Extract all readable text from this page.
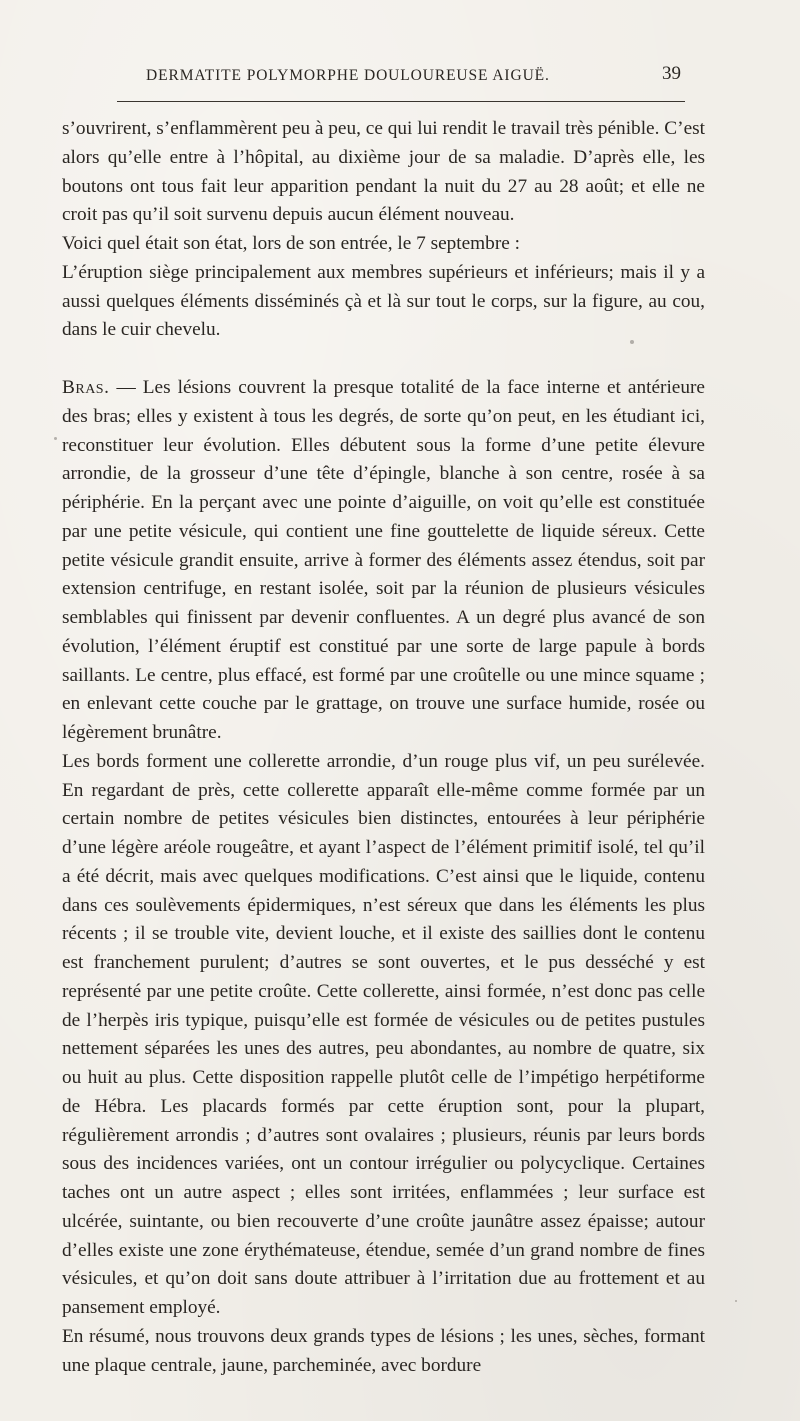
DERMATITE POLYMORPHE DOULOUREUSE AIGUË.	39

s’ouvrirent, s’enflammèrent peu à peu, ce qui lui rendit le travail très pénible. C’est alors qu’elle entre à l’hôpital, au dixième jour de sa maladie. D’après elle, les boutons ont tous fait leur apparition pendant la nuit du 27 au 28 août; et elle ne croit pas qu’il soit survenu depuis aucun élément nouveau.

Voici quel était son état, lors de son entrée, le 7 septembre :

L’éruption siège principalement aux membres supérieurs et inférieurs; mais il y a aussi quelques éléments disséminés çà et là sur tout le corps, sur la figure, au cou, dans le cuir chevelu.

Bras. — Les lésions couvrent la presque totalité de la face interne et antérieure des bras; elles y existent à tous les degrés, de sorte qu’on peut, en les étudiant ici, reconstituer leur évolution. Elles débutent sous la forme d’une petite élevure arrondie, de la grosseur d’une tête d’épingle, blanche à son centre, rosée à sa périphérie. En la perçant avec une pointe d’aiguille, on voit qu’elle est constituée par une petite vésicule, qui contient une fine gouttelette de liquide séreux. Cette petite vésicule grandit ensuite, arrive à former des éléments assez étendus, soit par extension centrifuge, en restant isolée, soit par la réunion de plusieurs vésicules semblables qui finissent par devenir confluentes. A un degré plus avancé de son évolution, l’élément éruptif est constitué par une sorte de large papule à bords saillants. Le centre, plus effacé, est formé par une croûtelle ou une mince squame ; en enlevant cette couche par le grattage, on trouve une surface humide, rosée ou légèrement brunâtre.

Les bords forment une collerette arrondie, d’un rouge plus vif, un peu surélevée. En regardant de près, cette collerette apparaît elle-même comme formée par un certain nombre de petites vésicules bien distinctes, entourées à leur périphérie d’une légère aréole rougeâtre, et ayant l’aspect de l’élément primitif isolé, tel qu’il a été décrit, mais avec quelques modifications. C’est ainsi que le liquide, contenu dans ces soulèvements épidermiques, n’est séreux que dans les éléments les plus récents ; il se trouble vite, devient louche, et il existe des saillies dont le contenu est franchement purulent; d’autres se sont ouvertes, et le pus desséché y est représenté par une petite croûte. Cette collerette, ainsi formée, n’est donc pas celle de l’herpès iris typique, puisqu’elle est formée de vésicules ou de petites pustules nettement séparées les unes des autres, peu abondantes, au nombre de quatre, six ou huit au plus. Cette disposition rappelle plutôt celle de l’impétigo herpétiforme de Hébra. Les placards formés par cette éruption sont, pour la plupart, régulièrement arrondis ; d’autres sont ovalaires ; plusieurs, réunis par leurs bords sous des incidences variées, ont un contour irrégulier ou polycyclique. Certaines taches ont un autre aspect ; elles sont irritées, enflammées ; leur surface est ulcérée, suintante, ou bien recouverte d’une croûte jaunâtre assez épaisse; autour d’elles existe une zone érythémateuse, étendue, semée d’un grand nombre de fines vésicules, et qu’on doit sans doute attribuer à l’irritation due au frottement et au pansement employé.

En résumé, nous trouvons deux grands types de lésions ; les unes, sèches, formant une plaque centrale, jaune, parcheminée, avec bordure
